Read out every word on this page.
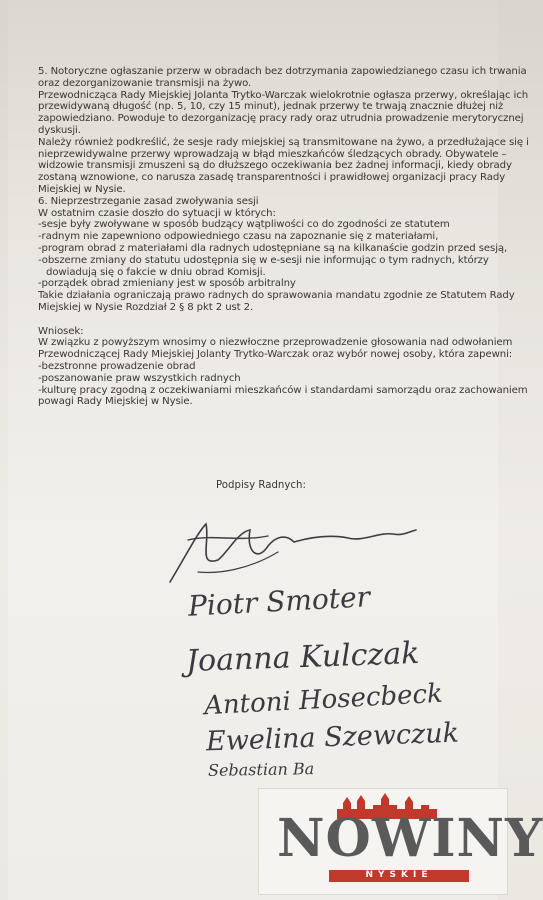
5. Notoryczne ogłaszanie przerw w obradach bez dotrzymania zapowiedzianego czasu ich trwania
oraz dezorganizowanie transmisji na żywo.
Przewodnicząca Rady Miejskiej Jolanta Trytko-Warczak wielokrotnie ogłasza przerwy, określając ich
przewidywaną długość (np. 5, 10, czy 15 minut), jednak przerwy te trwają znacznie dłużej niż
zapowiedziano. Powoduje to dezorganizację pracy rady oraz utrudnia prowadzenie merytorycznej
dyskusji.
Należy również podkreślić, że sesje rady miejskiej są transmitowane na żywo, a przedłużające się i
nieprzewidywalne przerwy wprowadzają w błąd mieszkańców śledzących obrady. Obywatele –
widzowie transmisji zmuszeni są do dłuższego oczekiwania bez żadnej informacji, kiedy obrady
zostaną wznowione, co narusza zasadę transparentności i prawidłowej organizacji pracy Rady
Miejskiej w Nysie.
6. Nieprzestrzeganie zasad zwoływania sesji
W ostatnim czasie doszło do sytuacji w których:
-sesje były zwoływane w sposób budzący wątpliwości co do zgodności ze statutem
-radnym nie zapewniono odpowiedniego czasu na zapoznanie się z materiałami,
-program obrad z materiałami dla radnych udostępniane są na kilkanaście godzin przed sesją,
-obszerne zmiany do statutu udostępnia się w e-sesji nie informując o tym radnych, którzy
dowiadują się o fakcie w dniu obrad Komisji.
-porządek obrad zmieniany jest w sposób arbitralny
Takie działania ograniczają prawo radnych do sprawowania mandatu zgodnie ze Statutem Rady
Miejskiej w Nysie Rozdział 2 § 8 pkt 2 ust 2.

Wniosek:
W związku z powyższym wnosimy o niezwłoczne przeprowadzenie głosowania nad odwołaniem
Przewodniczącej Rady Miejskiej Jolanty Trytko-Warczak oraz wybór nowej osoby, która zapewni:
-bezstronne prowadzenie obrad
-poszanowanie praw wszystkich radnych
-kulturę pracy zgodną z oczekiwaniami mieszkańców i standardami samorządu oraz zachowaniem
powagi Rady Miejskiej w Nysie.
Podpisy Radnych:
Piotr Smoter
Joanna Kulczak
Antoni Hosecbeck
Ewelina Szewczuk
Sebastian Ba
NOWINY
NYSKIE
